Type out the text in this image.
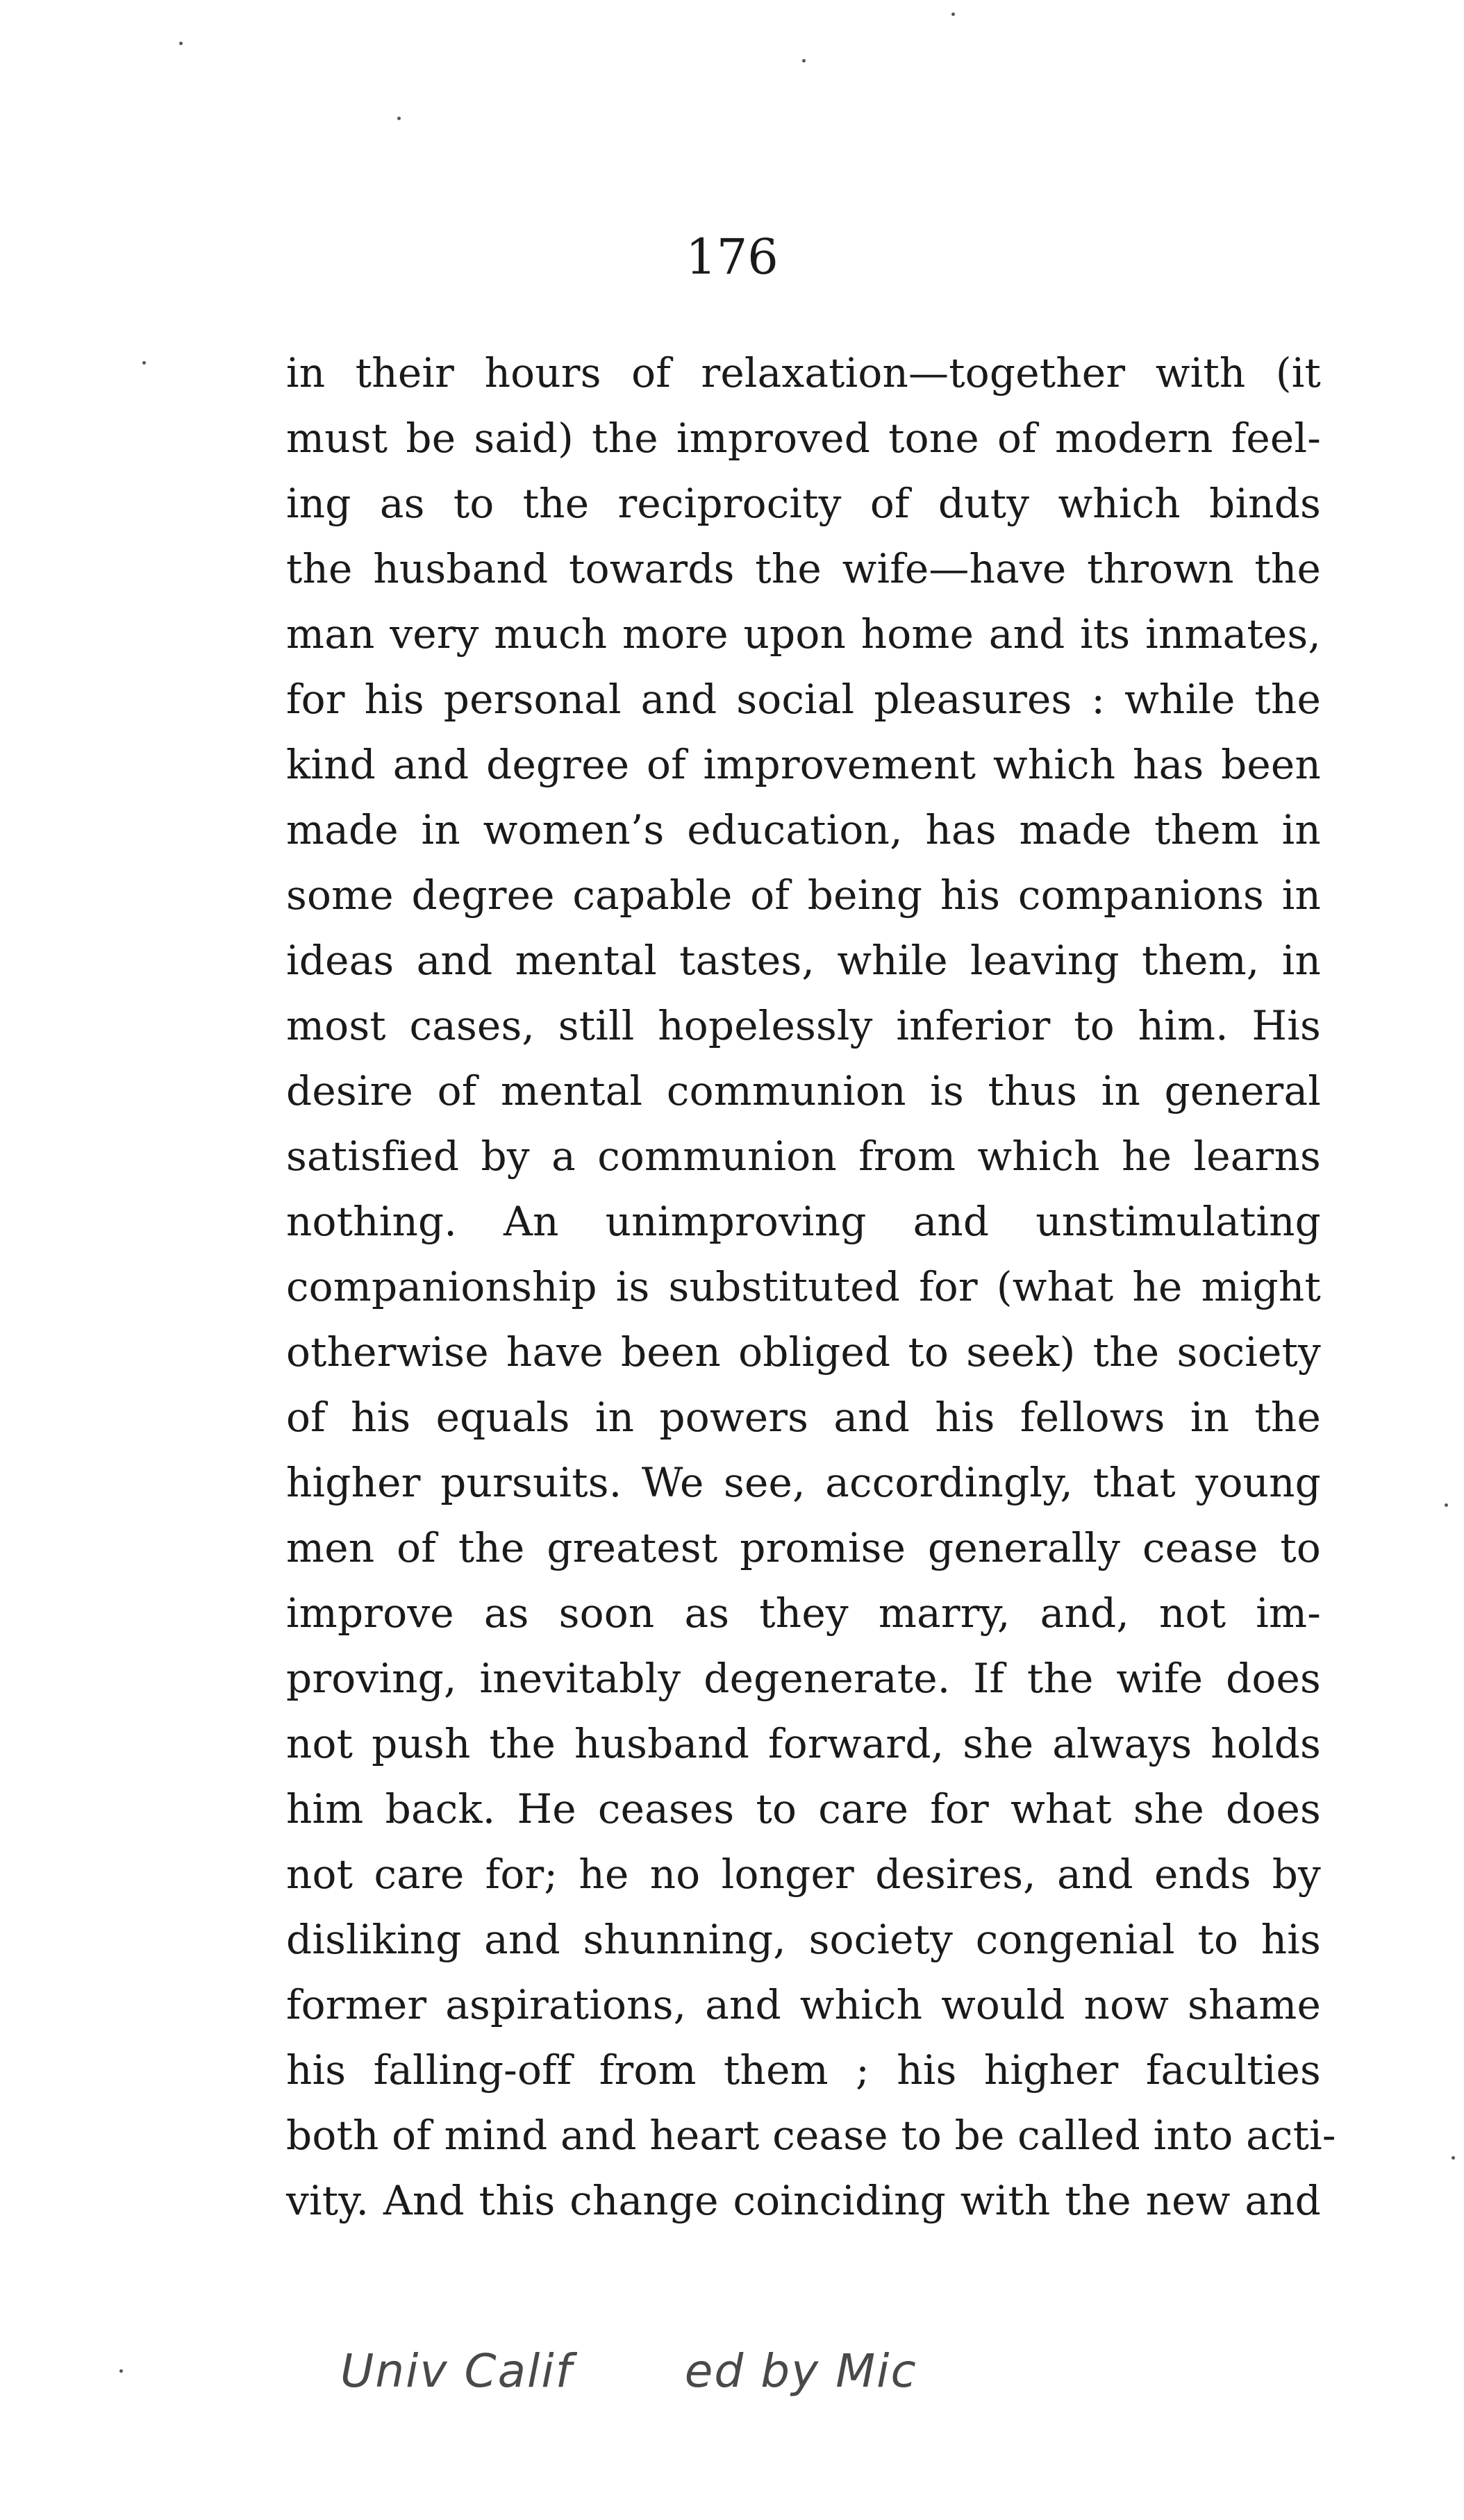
176
in their hours of relaxation—together with (it
must be said) the improved tone of modern feel-
ing as to the reciprocity of duty which binds
the husband towards the wife—have thrown the
man very much more upon home and its inmates,
for his personal and social pleasures : while the
kind and degree of improvement which has been
made in women’s education, has made them in
some degree capable of being his companions in
ideas and mental tastes, while leaving them, in
most cases, still hopelessly inferior to him. His
desire of mental communion is thus in general
satisfied by a communion from which he learns
nothing. An unimproving and unstimulating
companionship is substituted for (what he might
otherwise have been obliged to seek) the society
of his equals in powers and his fellows in the
higher pursuits. We see, accordingly, that young
men of the greatest promise generally cease to
improve as soon as they marry, and, not im-
proving, inevitably degenerate. If the wife does
not push the husband forward, she always holds
him back. He ceases to care for what she does
not care for; he no longer desires, and ends by
disliking and shunning, society congenial to his
former aspirations, and which would now shame
his falling-off from them ; his higher faculties
both of mind and heart cease to be called into acti-
vity. And this change coinciding with the new and
Univ Calif       ed by Mic
